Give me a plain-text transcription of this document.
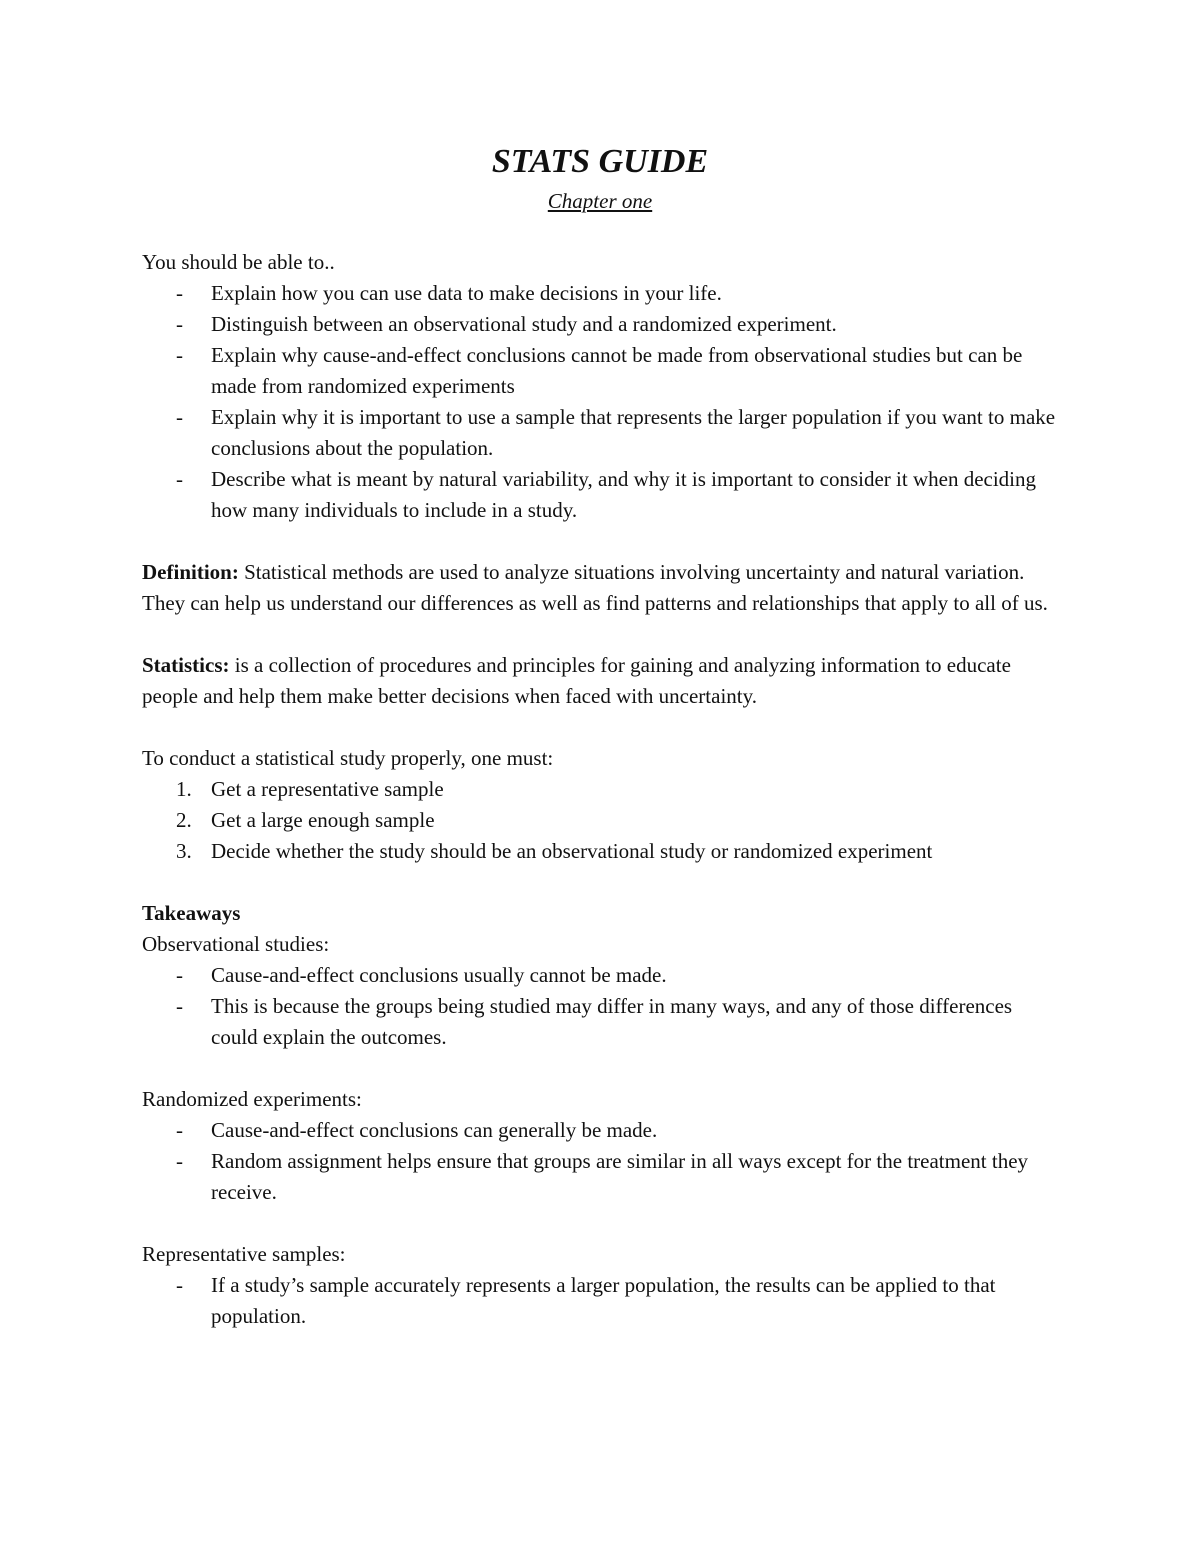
STATS GUIDE
Chapter one

You should be able to..

- Explain how you can use data to make decisions in your life.
- Distinguish between an observational study and a randomized experiment.
- Explain why cause-and-effect conclusions cannot be made from observational studies but can be made from randomized experiments
- Explain why it is important to use a sample that represents the larger population if you want to make conclusions about the population.
- Describe what is meant by natural variability, and why it is important to consider it when deciding how many individuals to include in a study.

Definition: Statistical methods are used to analyze situations involving uncertainty and natural variation. They can help us understand our differences as well as find patterns and relationships that apply to all of us.

Statistics: is a collection of procedures and principles for gaining and analyzing information to educate people and help them make better decisions when faced with uncertainty.

To conduct a statistical study properly, one must:

1. Get a representative sample
2. Get a large enough sample
3. Decide whether the study should be an observational study or randomized experiment

Takeaways

Observational studies:

- Cause-and-effect conclusions usually cannot be made.
- This is because the groups being studied may differ in many ways, and any of those differences could explain the outcomes.

Randomized experiments:

- Cause-and-effect conclusions can generally be made.
- Random assignment helps ensure that groups are similar in all ways except for the treatment they receive.

Representative samples:

- If a study’s sample accurately represents a larger population, the results can be applied to that population.
